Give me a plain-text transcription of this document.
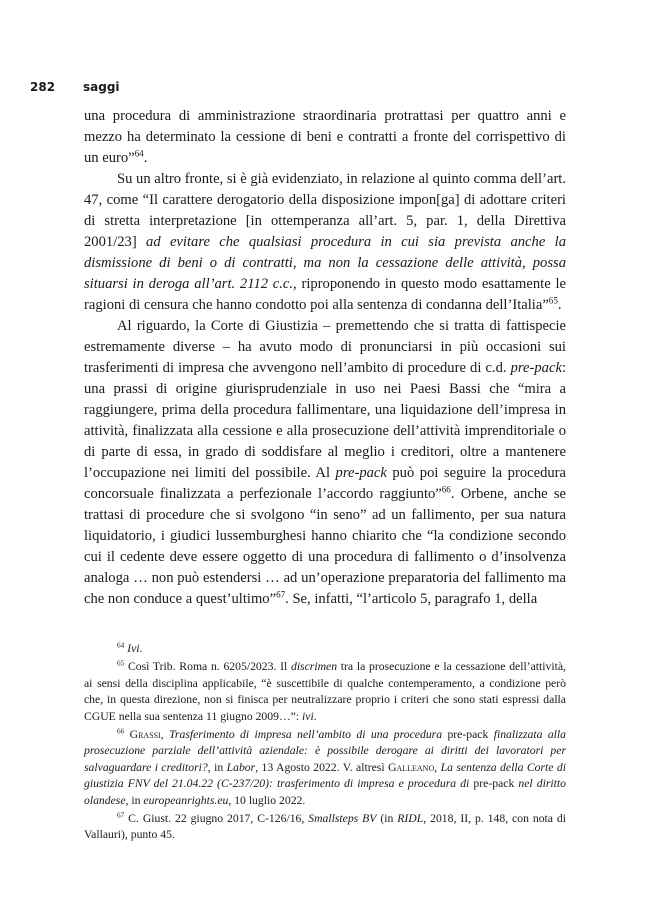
282 saggi

una procedura di amministrazione straordinaria protrattasi per quattro anni e mezzo ha determinato la cessione di beni e contratti a fronte del corrispettivo di un euro”$^{64}$.

Su un altro fronte, si è già evidenziato, in relazione al quinto comma dell’art. 47, come “Il carattere derogatorio della disposizione impon[ga] di adottare criteri di stretta interpretazione [in ottemperanza all’art. 5, par. 1, della Direttiva 2001/23] ad evitare che qualsiasi procedura in cui sia prevista anche la dismissione di beni o di contratti, ma non la cessazione delle attività, possa situarsi in deroga all’art. 2112 c.c., riproponendo in questo modo esattamente le ragioni di censura che hanno condotto poi alla sentenza di condanna dell’Italia”$^{65}$.

Al riguardo, la Corte di Giustizia – premettendo che si tratta di fattispecie estremamente diverse – ha avuto modo di pronunciarsi in più occasioni sui trasferimenti di impresa che avvengono nell’ambito di procedure di c.d. pre-pack: una prassi di origine giurisprudenziale in uso nei Paesi Bassi che “mira a raggiungere, prima della procedura fallimentare, una liquidazione dell’impresa in attività, finalizzata alla cessione e alla prosecuzione dell’attività imprenditoriale o di parte di essa, in grado di soddisfare al meglio i creditori, oltre a mantenere l’occupazione nei limiti del possibile. Al pre-pack può poi seguire la procedura concorsuale finalizzata a perfezionale l’accordo raggiunto”$^{66}$. Orbene, anche se trattasi di procedure che si svolgono “in seno” ad un fallimento, per sua natura liquidatorio, i giudici lussemburghesi hanno chiarito che “la condizione secondo cui il cedente deve essere oggetto di una procedura di fallimento o d’insolvenza analoga … non può estendersi … ad un’operazione preparatoria del fallimento ma che non conduce a quest’ultimo”$^{67}$. Se, infatti, “l’articolo 5, paragrafo 1, della

$^{64}$ Ivi.

$^{65}$ Così Trib. Roma n. 6205/2023. Il discrimen tra la prosecuzione e la cessazione dell’attività, ai sensi della disciplina applicabile, “è suscettibile di qualche contemperamento, a condizione però che, in questa direzione, non si finisca per neutralizzare proprio i criteri che sono stati espressi dalla CGUE nella sua sentenza 11 giugno 2009…”: ivi.

$^{66}$ Grassi, Trasferimento di impresa nell’ambito di una procedura pre-pack finalizzata alla prosecuzione parziale dell’attività aziendale: è possibile derogare ai diritti dei lavoratori per salvaguardare i creditori?, in Labor, 13 Agosto 2022. V. altresì Galleano, La sentenza della Corte di giustizia FNV del 21.04.22 (C-237/20): trasferimento di impresa e procedura di pre-pack nel diritto olandese, in europeanrights.eu, 10 luglio 2022.

$^{67}$ C. Giust. 22 giugno 2017, C-126/16, Smallsteps BV (in RIDL, 2018, II, p. 148, con nota di Vallauri), punto 45.
